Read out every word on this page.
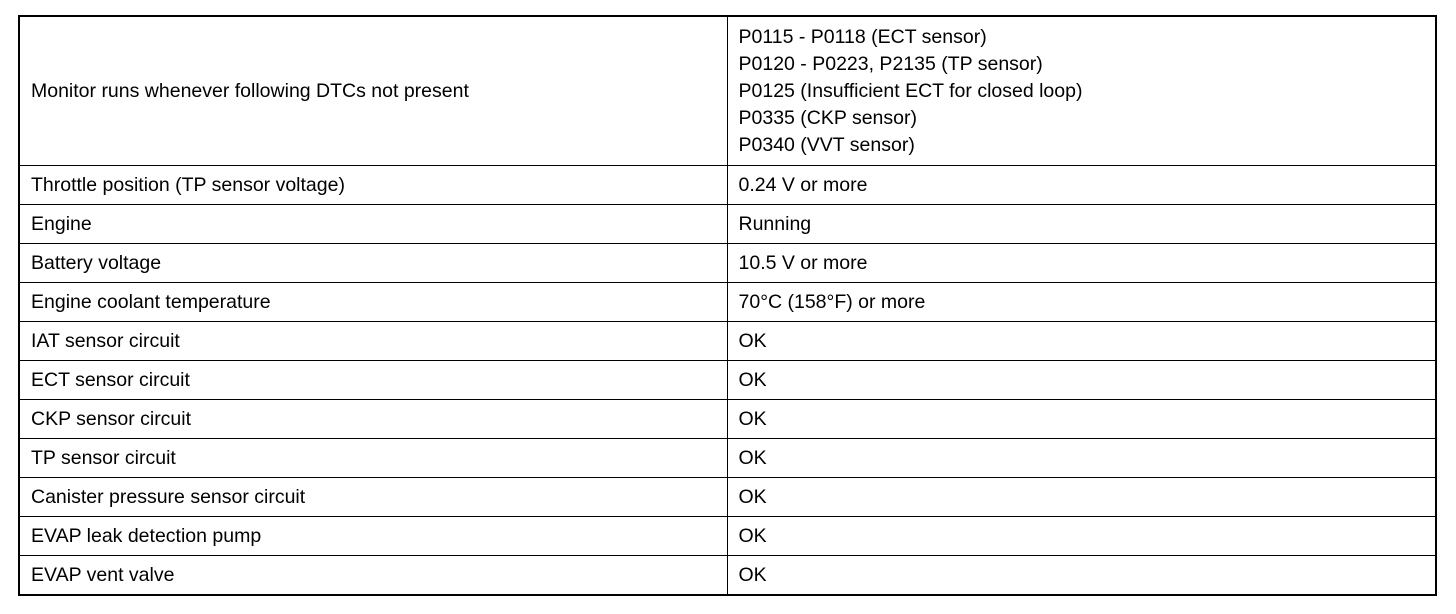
Monitor runs whenever following DTCs not present	P0115 - P0118 (ECT sensor)
P0120 - P0223, P2135 (TP sensor)
P0125 (Insufficient ECT for closed loop)
P0335 (CKP sensor)
P0340 (VVT sensor)

Throttle position (TP sensor voltage)	0.24 V or more
Engine	Running
Battery voltage	10.5 V or more
Engine coolant temperature	70°C (158°F) or more
IAT sensor circuit	OK
ECT sensor circuit	OK
CKP sensor circuit	OK
TP sensor circuit	OK
Canister pressure sensor circuit	OK
EVAP leak detection pump	OK
EVAP vent valve	OK
